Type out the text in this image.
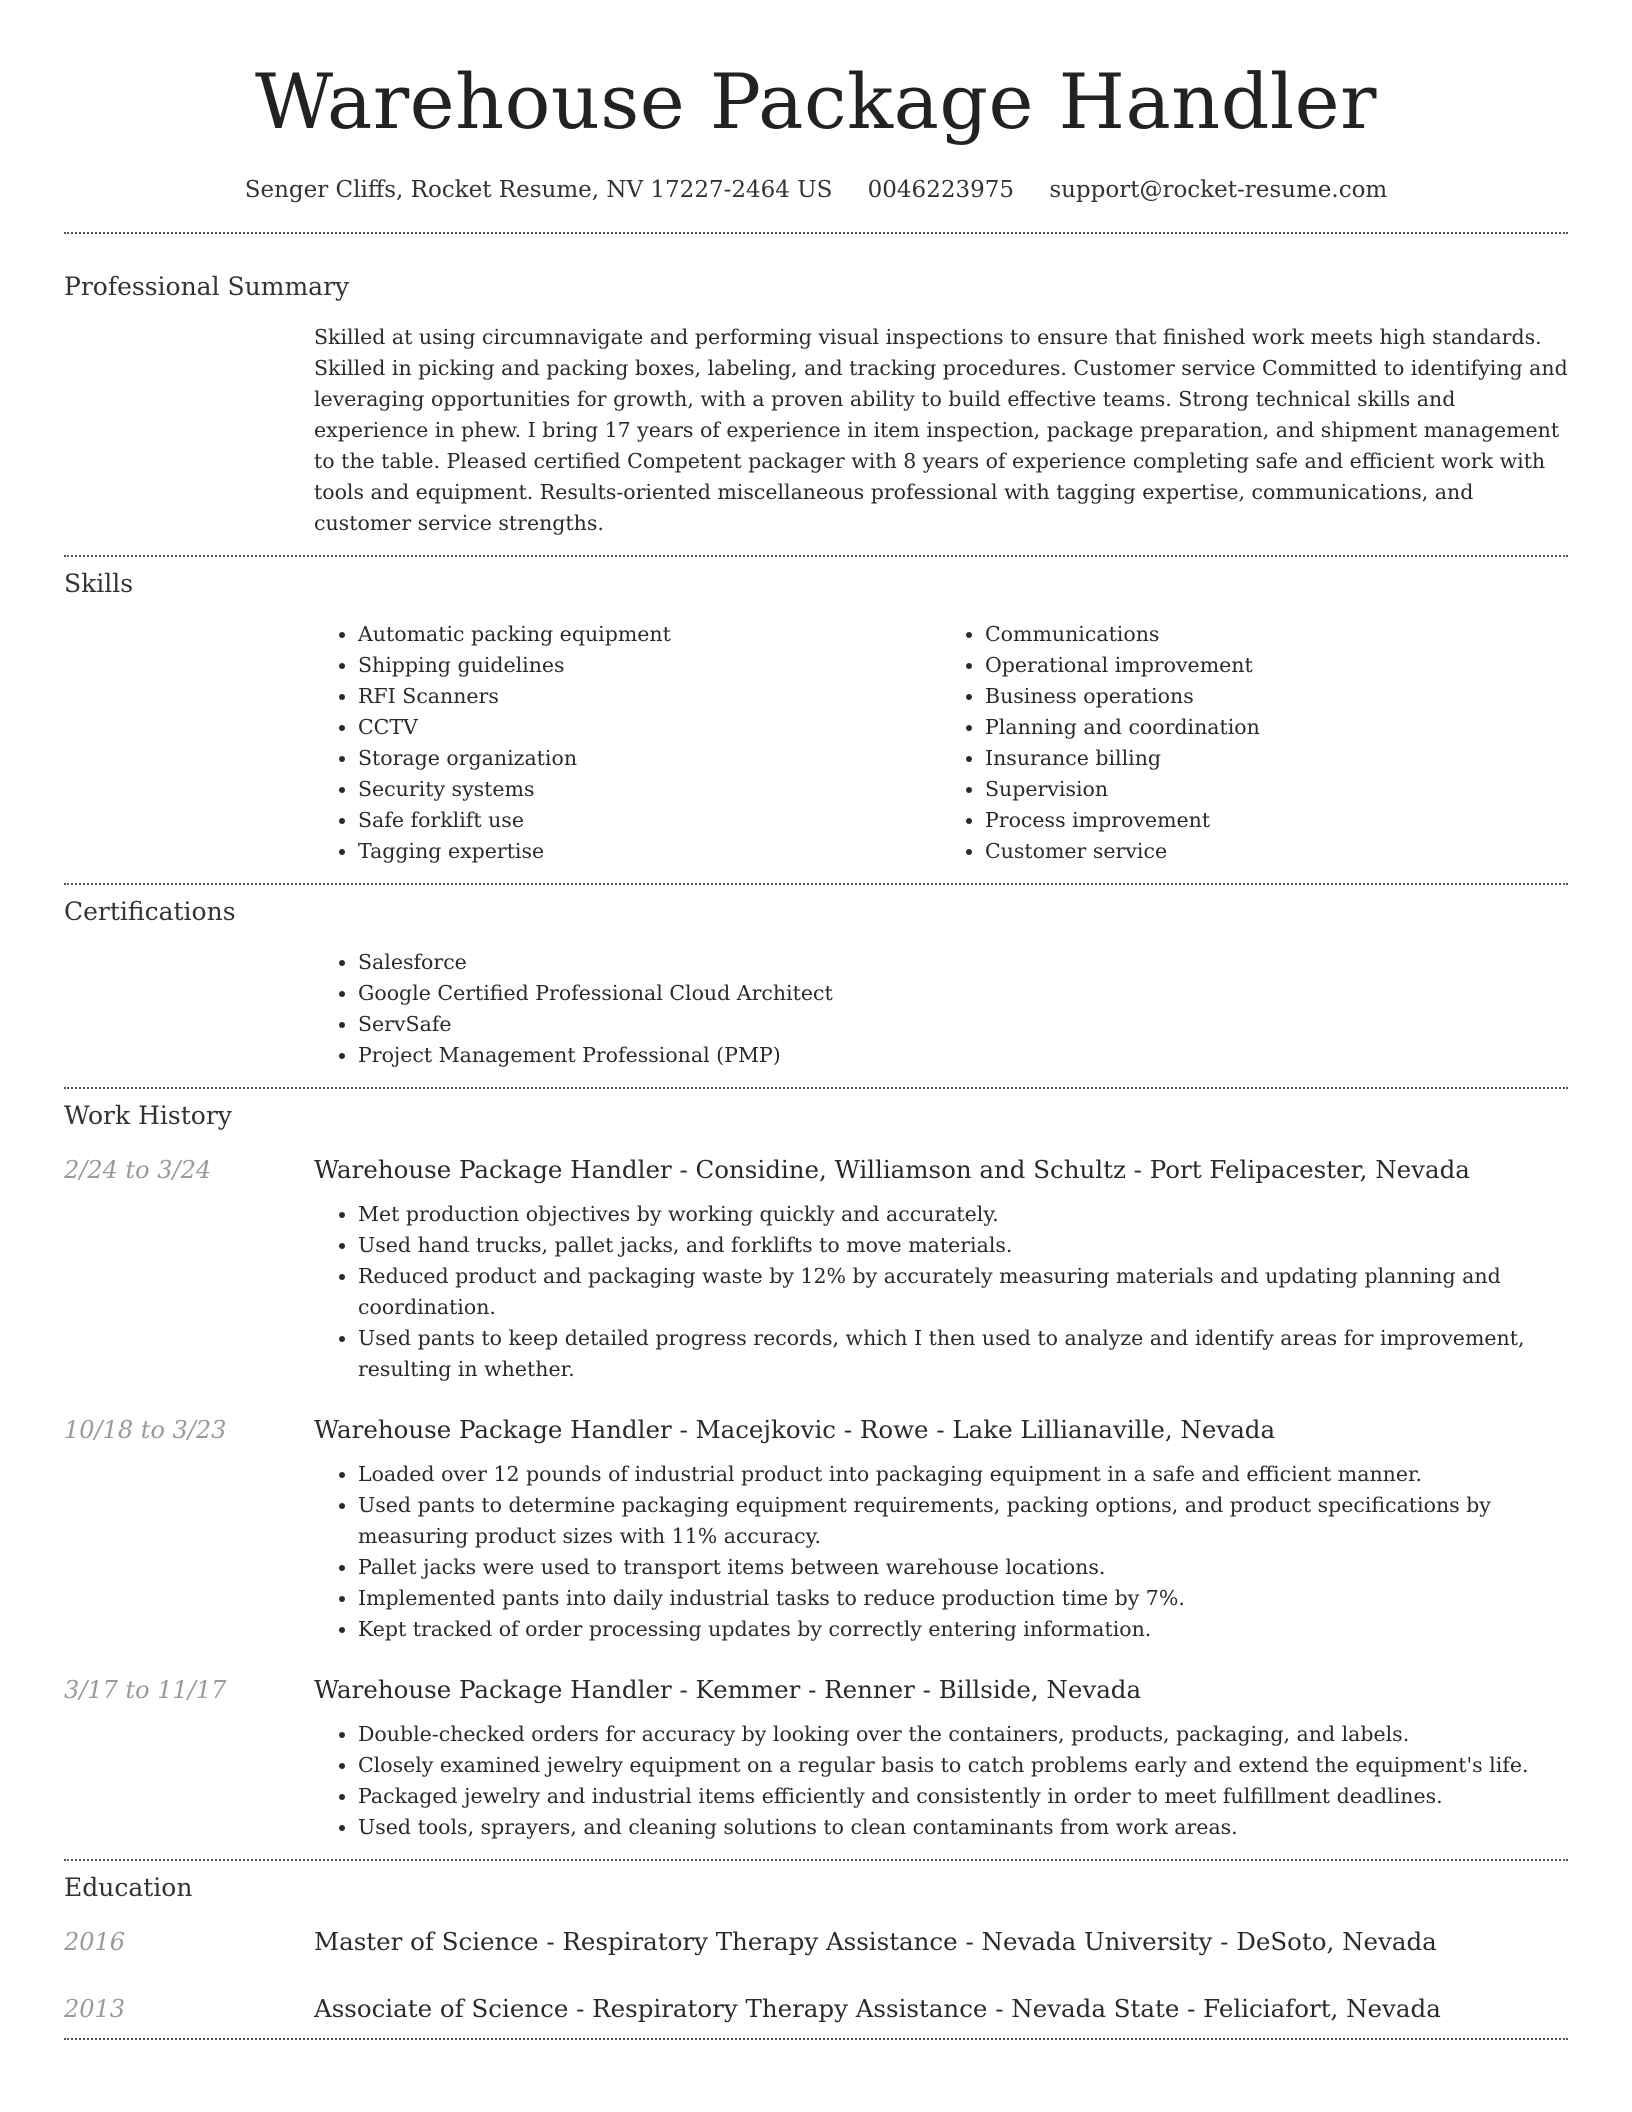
Warehouse Package Handler
Senger Cliffs, Rocket Resume, NV 17227-2464 US 0046223975 support@rocket-resume.com
Professional Summary
Skilled at using circumnavigate and performing visual inspections to ensure that finished work meets high standards. Skilled in picking and packing boxes, labeling, and tracking procedures. Customer service Committed to identifying and leveraging opportunities for growth, with a proven ability to build effective teams. Strong technical skills and experience in phew. I bring 17 years of experience in item inspection, package preparation, and shipment management to the table. Pleased certified Competent packager with 8 years of experience completing safe and efficient work with tools and equipment. Results-oriented miscellaneous professional with tagging expertise, communications, and customer service strengths.
Skills
• Automatic packing equipment
• Shipping guidelines
• RFI Scanners
• CCTV
• Storage organization
• Security systems
• Safe forklift use
• Tagging expertise
• Communications
• Operational improvement
• Business operations
• Planning and coordination
• Insurance billing
• Supervision
• Process improvement
• Customer service
Certifications
• Salesforce
• Google Certified Professional Cloud Architect
• ServSafe
• Project Management Professional (PMP)
Work History
2/24 to 3/24	Warehouse Package Handler - Considine, Williamson and Schultz - Port Felipacester, Nevada
• Met production objectives by working quickly and accurately.
• Used hand trucks, pallet jacks, and forklifts to move materials.
• Reduced product and packaging waste by 12% by accurately measuring materials and updating planning and coordination.
• Used pants to keep detailed progress records, which I then used to analyze and identify areas for improvement, resulting in whether.
10/18 to 3/23	Warehouse Package Handler - Macejkovic - Rowe - Lake Lillianaville, Nevada
• Loaded over 12 pounds of industrial product into packaging equipment in a safe and efficient manner.
• Used pants to determine packaging equipment requirements, packing options, and product specifications by measuring product sizes with 11% accuracy.
• Pallet jacks were used to transport items between warehouse locations.
• Implemented pants into daily industrial tasks to reduce production time by 7%.
• Kept tracked of order processing updates by correctly entering information.
3/17 to 11/17	Warehouse Package Handler - Kemmer - Renner - Billside, Nevada
• Double-checked orders for accuracy by looking over the containers, products, packaging, and labels.
• Closely examined jewelry equipment on a regular basis to catch problems early and extend the equipment's life.
• Packaged jewelry and industrial items efficiently and consistently in order to meet fulfillment deadlines.
• Used tools, sprayers, and cleaning solutions to clean contaminants from work areas.
Education
2016	Master of Science - Respiratory Therapy Assistance - Nevada University - DeSoto, Nevada
2013	Associate of Science - Respiratory Therapy Assistance - Nevada State - Feliciafort, Nevada
